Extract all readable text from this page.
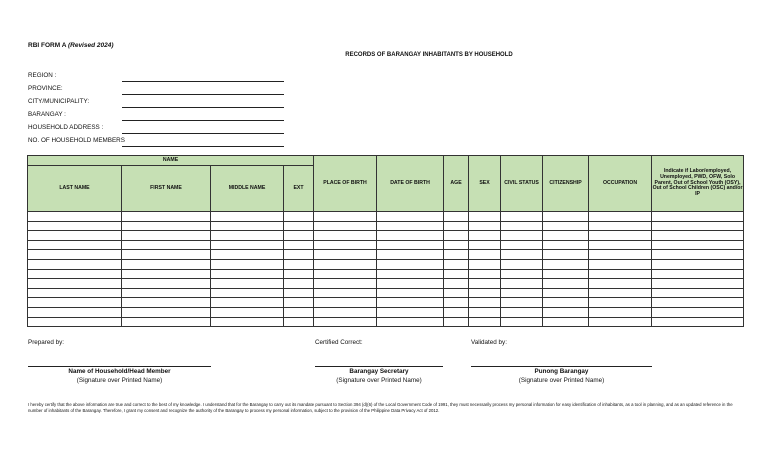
RBI FORM A (Revised 2024)
RECORDS OF BARANGAY INHABITANTS BY HOUSEHOLD
REGION :
PROVINCE:
CITY/MUNICIPALITY:
BARANGAY :
HOUSEHOLD ADDRESS :
NO. OF HOUSEHOLD MEMBERS
NAME				PLACE OF BIRTH	DATE OF BIRTH	AGE	SEX	CIVIL STATUS	CITIZENSHIP	OCCUPATION	Indicate if Labor/employed, Unemployed, PWD, OFW, Solo Parent, Out of School Youth (OSY), Out of School Children (OSC) and/or IP
LAST NAME	FIRST NAME	MIDDLE NAME	EXT								

Prepared by:	Certified Correct:	Validated by:
Name of Household/Head Member
(Signature over Printed Name)
Barangay Secretary
(Signature over Printed Name)
Punong Barangay
(Signature over Printed Name)
I hereby certify that the above information are true and correct to the best of my knowledge. I understand that for the Barangay to carry out its mandate pursuant to Section 394 (d)(6) of the Local Government Code of 1991, they must necessarily process my personal information for easy identification of inhabitants, as a tool in planning, and as an updated reference in the number of inhabitants of the Barangay. Therefore, I grant my consent and recognize the authority of the Barangay to process my personal information, subject to the provision of the Philippine Data Privacy Act of 2012.
